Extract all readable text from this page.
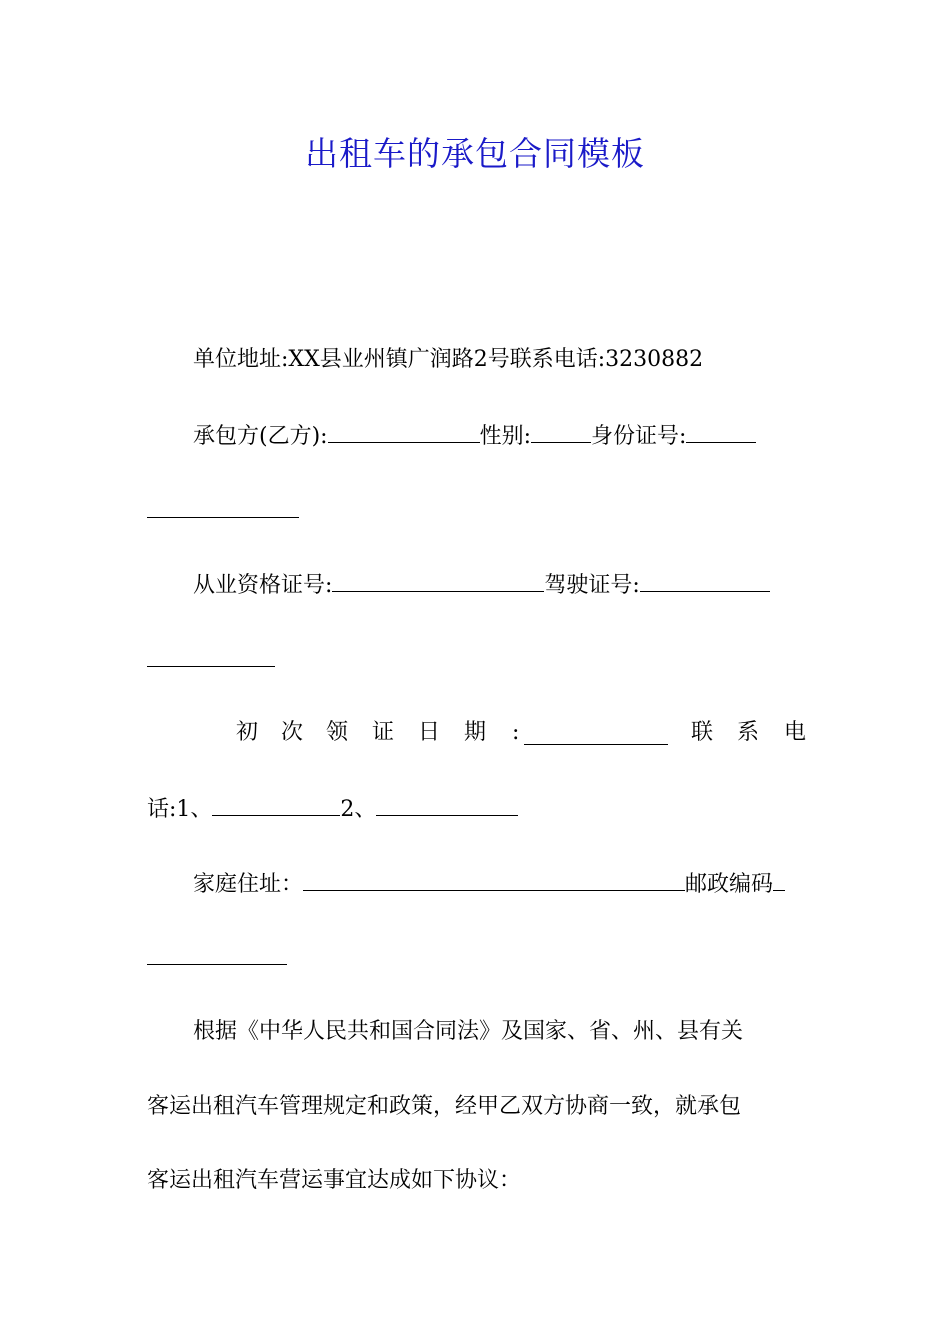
出租车的承包合同模板
单位地址:XX县业州镇广润路2号联系电话:3230882
承包方(乙方):	性别:	身份证号:
从业资格证号:	驾驶证号:
初 次 领 证 日 期 :	联 系 电
话:1、	2、
家庭住址：	邮政编码
根据《中华人民共和国合同法》及国家、省、州、县有关
客运出租汽车管理规定和政策，经甲乙双方协商一致，就承包
客运出租汽车营运事宜达成如下协议：
